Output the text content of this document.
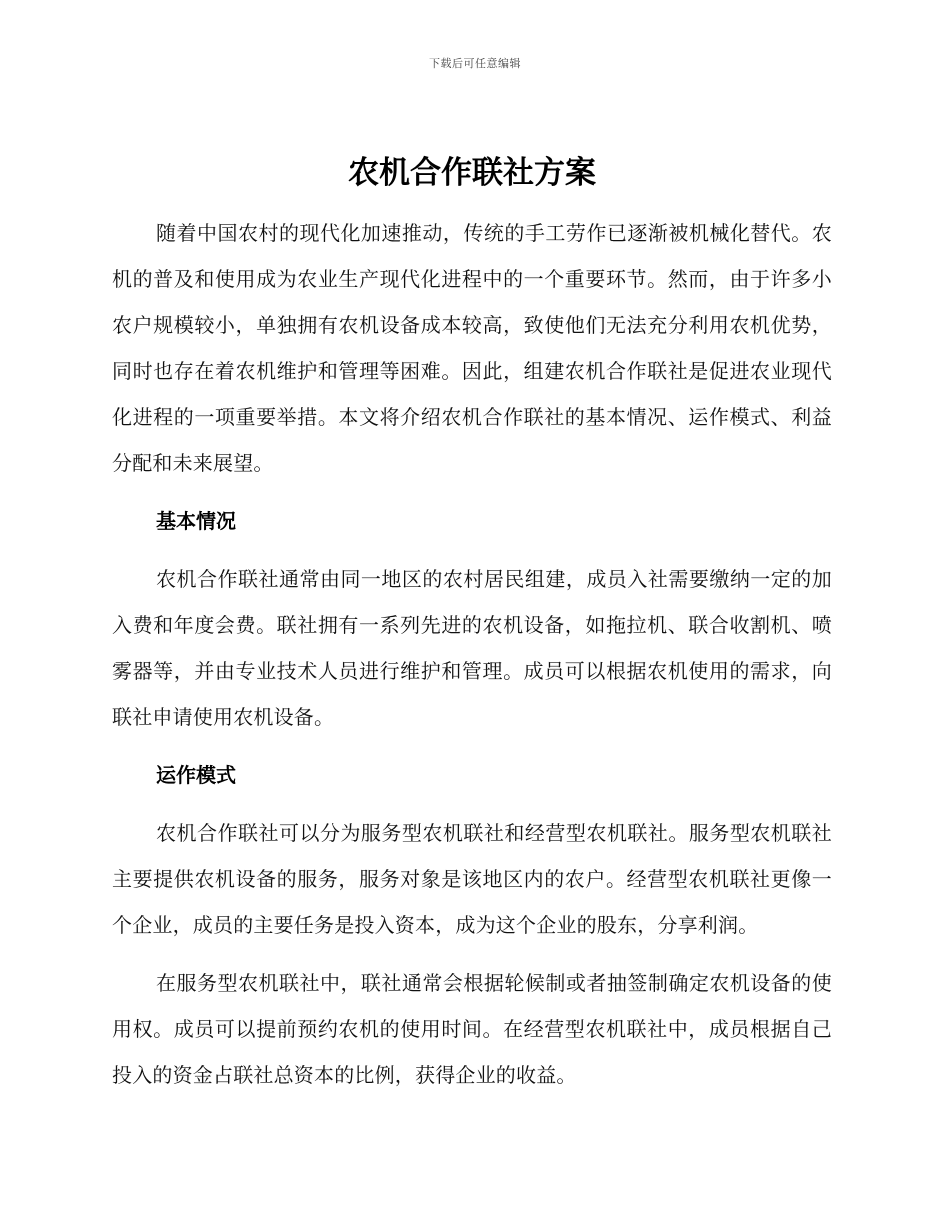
下载后可任意编辑
农机合作联社方案

随着中国农村的现代化加速推动，传统的手工劳作已逐渐被机械化替代。农机的普及和使用成为农业生产现代化进程中的一个重要环节。然而，由于许多小农户规模较小，单独拥有农机设备成本较高，致使他们无法充分利用农机优势，同时也存在着农机维护和管理等困难。因此，组建农机合作联社是促进农业现代化进程的一项重要举措。本文将介绍农机合作联社的基本情况、运作模式、利益分配和未来展望。

基本情况

农机合作联社通常由同一地区的农村居民组建，成员入社需要缴纳一定的加入费和年度会费。联社拥有一系列先进的农机设备，如拖拉机、联合收割机、喷雾器等，并由专业技术人员进行维护和管理。成员可以根据农机使用的需求，向联社申请使用农机设备。

运作模式

农机合作联社可以分为服务型农机联社和经营型农机联社。服务型农机联社主要提供农机设备的服务，服务对象是该地区内的农户。经营型农机联社更像一个企业，成员的主要任务是投入资本，成为这个企业的股东，分享利润。

在服务型农机联社中，联社通常会根据轮候制或者抽签制确定农机设备的使用权。成员可以提前预约农机的使用时间。在经营型农机联社中，成员根据自己投入的资金占联社总资本的比例，获得企业的收益。
